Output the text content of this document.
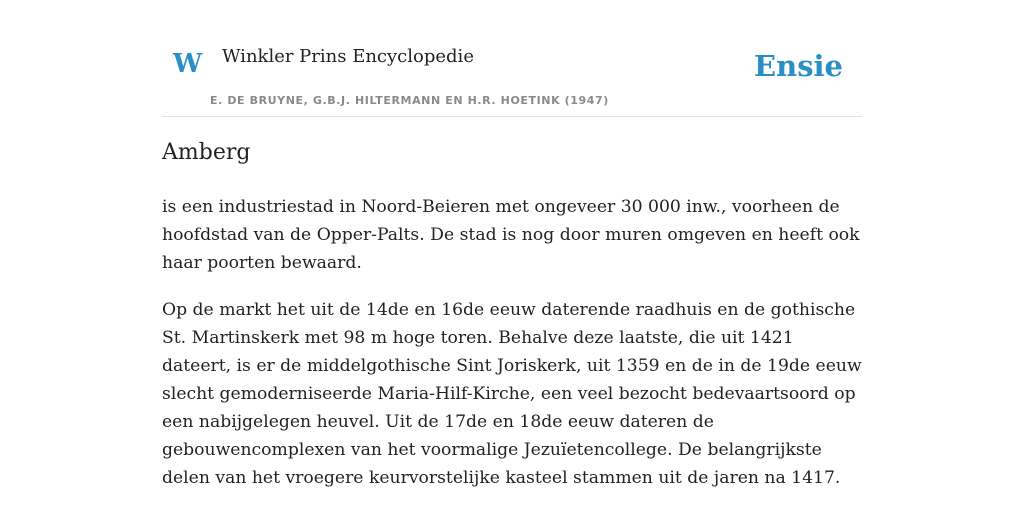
W Winkler Prins Encyclopedie
E. DE BRUYNE, G.B.J. HILTERMANN EN H.R. HOETINK (1947)
Ensie
Amberg

is een industriestad in Noord-Beieren met ongeveer 30 000 inw., voorheen de hoofdstad van de Opper-Palts. De stad is nog door muren omgeven en heeft ook haar poorten bewaard.

Op de markt het uit de 14de en 16de eeuw daterende raadhuis en de gothische St. Martinskerk met 98 m hoge toren. Behalve deze laatste, die uit 1421 dateert, is er de middelgothische Sint Joriskerk, uit 1359 en de in de 19de eeuw slecht gemoderniseerde Maria-Hilf-Kirche, een veel bezocht bedevaartsoord op een nabijgelegen heuvel. Uit de 17de en 18de eeuw dateren de gebouwencomplexen van het voormalige Jezuïetencollege. De belangrijkste delen van het vroegere keurvorstelijke kasteel stammen uit de jaren na 1417.
